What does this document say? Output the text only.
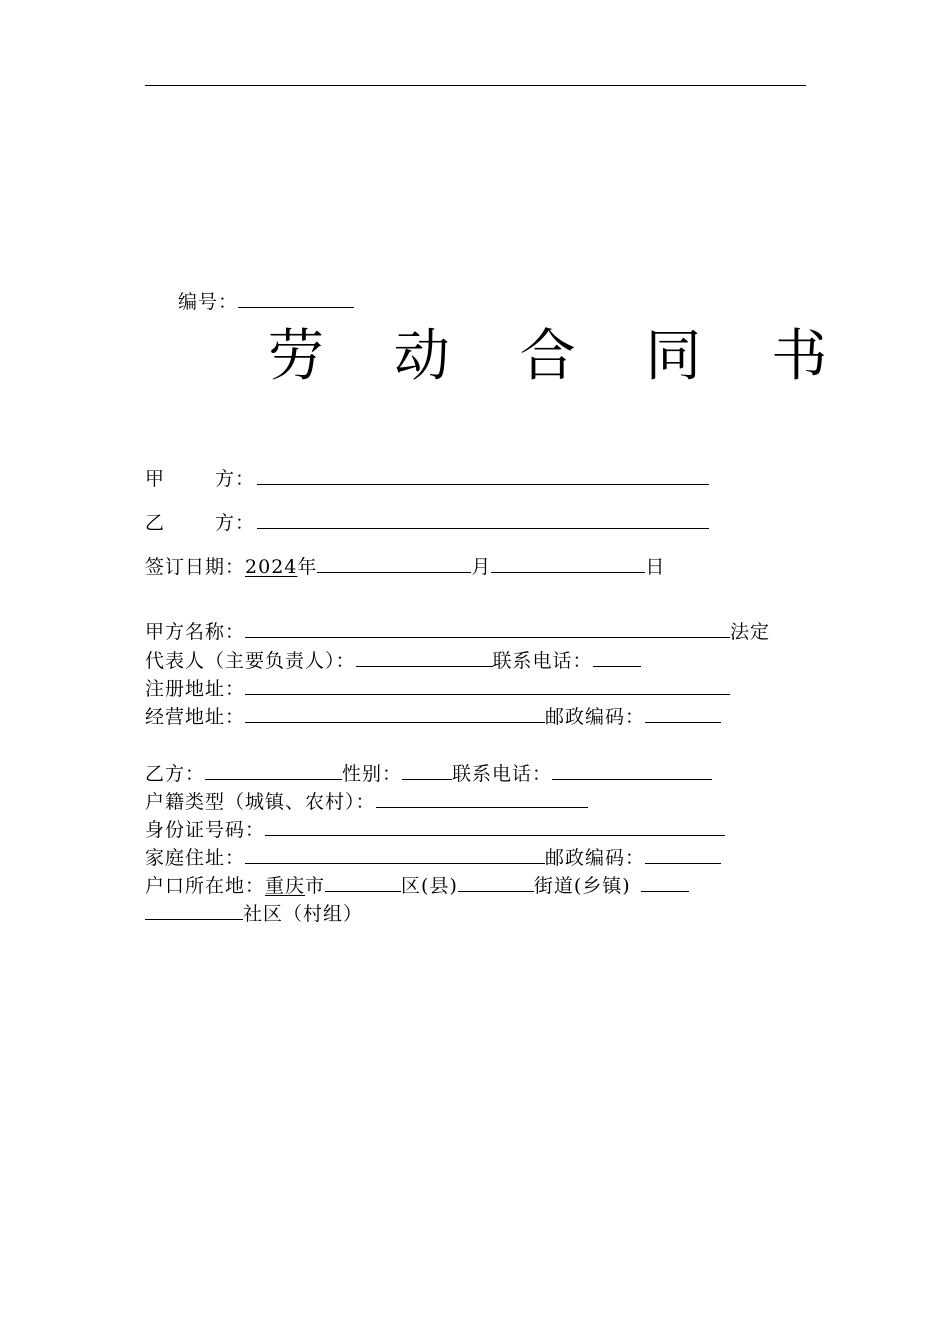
编号：
劳 动 合 同 书
甲	方：
乙	方：
签订日期：2024年	月	日
甲方名称：	法定
代表人（主要负责人）：	联系电话：
注册地址：
经营地址：	邮政编码：
乙方：	性别：	联系电话：
户籍类型（城镇、农村）：
身份证号码：
家庭住址：	邮政编码：
户口所在地：重庆市	区(县)	街道(乡镇)
社区（村组）
